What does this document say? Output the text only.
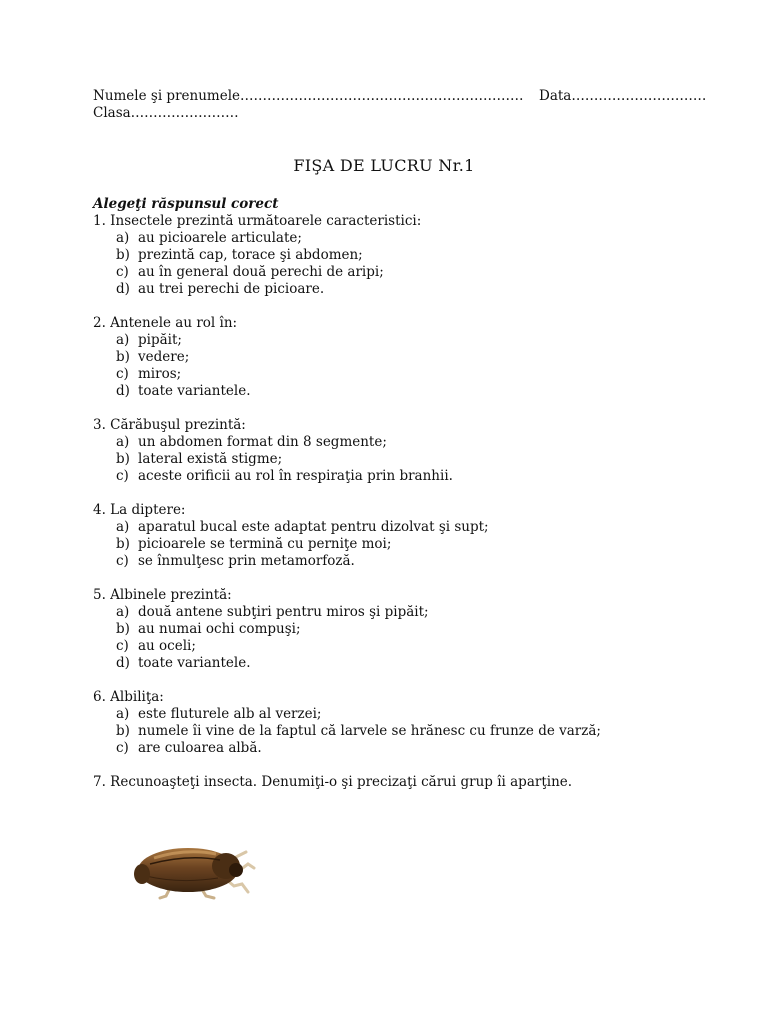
Numele şi prenumele……………………………………………………… Data…………………………
Clasa……………………
FIŞA DE LUCRU Nr.1
Alegeţi răspunsul corect
1. Insectele prezintă următoarele caracteristici:
a) au picioarele articulate;
b) prezintă cap, torace şi abdomen;
c) au în general două perechi de aripi;
d) au trei perechi de picioare.
2. Antenele au rol în:
a) pipăit;
b) vedere;
c) miros;
d) toate variantele.
3. Cărăbuşul prezintă:
a) un abdomen format din 8 segmente;
b) lateral există stigme;
c) aceste orificii au rol în respiraţia prin branhii.
4. La diptere:
a) aparatul bucal este adaptat pentru dizolvat şi supt;
b) picioarele se termină cu perniţe moi;
c) se înmulţesc prin metamorfoză.
5. Albinele prezintă:
a) două antene subţiri pentru miros şi pipăit;
b) au numai ochi compuşi;
c) au oceli;
d) toate variantele.
6. Albiliţa:
a) este fluturele alb al verzei;
b) numele îi vine de la faptul că larvele se hrănesc cu frunze de varză;
c) are culoarea albă.
7. Recunoaşteţi insecta. Denumiţi-o şi precizaţi cărui grup îi aparţine.
